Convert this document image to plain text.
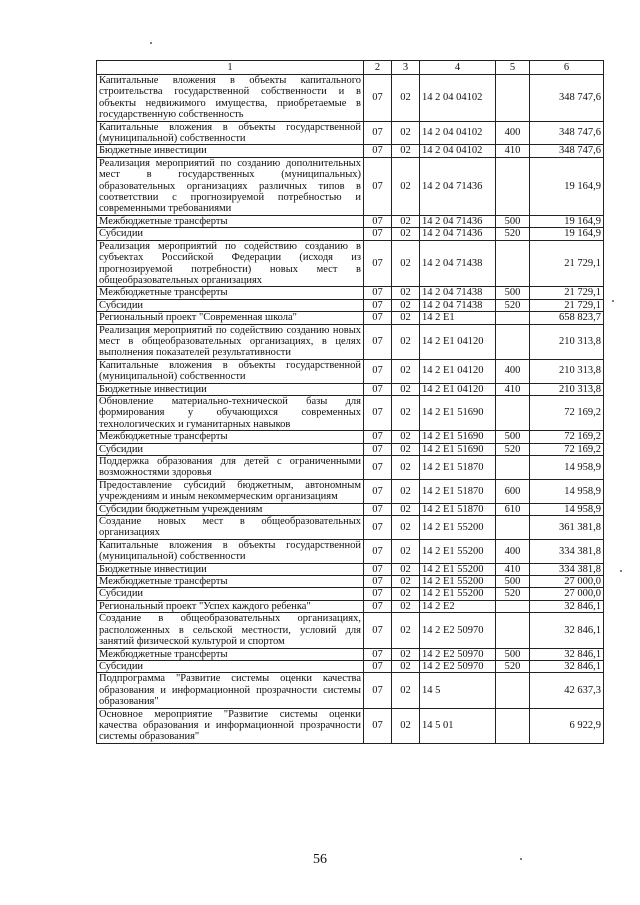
1	2	3	4	5	6
Капитальные вложения в объекты капитального строительства государственной собственности и в объекты недвижимого имущества, приобретаемые в государственную собственность	07	02	14 2 04 04102		348 747,6
Капитальные вложения в объекты государственной (муниципальной) собственности	07	02	14 2 04 04102	400	348 747,6
Бюджетные инвестиции	07	02	14 2 04 04102	410	348 747,6
Реализация мероприятий по созданию дополнительных мест в государственных (муниципальных) образовательных организациях различных типов в соответствии с прогнозируемой потребностью и современными требованиями	07	02	14 2 04 71436		19 164,9
Межбюджетные трансферты	07	02	14 2 04 71436	500	19 164,9
Субсидии	07	02	14 2 04 71436	520	19 164,9
Реализация мероприятий по содействию созданию в субъектах Российской Федерации (исходя из прогнозируемой потребности) новых мест в общеобразовательных организациях	07	02	14 2 04 71438		21 729,1
Межбюджетные трансферты	07	02	14 2 04 71438	500	21 729,1
Субсидии	07	02	14 2 04 71438	520	21 729,1
Региональный проект "Современная школа"	07	02	14 2 E1		658 823,7
Реализация мероприятий по содействию созданию новых мест в общеобразовательных организациях, в целях выполнения показателей результативности	07	02	14 2 E1 04120		210 313,8
Капитальные вложения в объекты государственной (муниципальной) собственности	07	02	14 2 E1 04120	400	210 313,8
Бюджетные инвестиции	07	02	14 2 E1 04120	410	210 313,8
Обновление материально-технической базы для формирования у обучающихся современных технологических и гуманитарных навыков	07	02	14 2 E1 51690		72 169,2
Межбюджетные трансферты	07	02	14 2 E1 51690	500	72 169,2
Субсидии	07	02	14 2 E1 51690	520	72 169,2
Поддержка образования для детей с ограниченными возможностями здоровья	07	02	14 2 E1 51870		14 958,9
Предоставление субсидий бюджетным, автономным учреждениям и иным некоммерческим организациям	07	02	14 2 E1 51870	600	14 958,9
Субсидии бюджетным учреждениям	07	02	14 2 E1 51870	610	14 958,9
Создание новых мест в общеобразовательных организациях	07	02	14 2 E1 55200		361 381,8
Капитальные вложения в объекты государственной (муниципальной) собственности	07	02	14 2 E1 55200	400	334 381,8
Бюджетные инвестиции	07	02	14 2 E1 55200	410	334 381,8
Межбюджетные трансферты	07	02	14 2 E1 55200	500	27 000,0
Субсидии	07	02	14 2 E1 55200	520	27 000,0
Региональный проект "Успех каждого ребенка"	07	02	14 2 E2		32 846,1
Создание в общеобразовательных организациях, расположенных в сельской местности, условий для занятий физической культурой и спортом	07	02	14 2 E2 50970		32 846,1
Межбюджетные трансферты	07	02	14 2 E2 50970	500	32 846,1
Субсидии	07	02	14 2 E2 50970	520	32 846,1
Подпрограмма "Развитие системы оценки качества образования и информационной прозрачности системы образования"	07	02	14 5		42 637,3
Основное мероприятие "Развитие системы оценки качества образования и информационной прозрачности системы образования"	07	02	14 5 01		6 922,9
56
